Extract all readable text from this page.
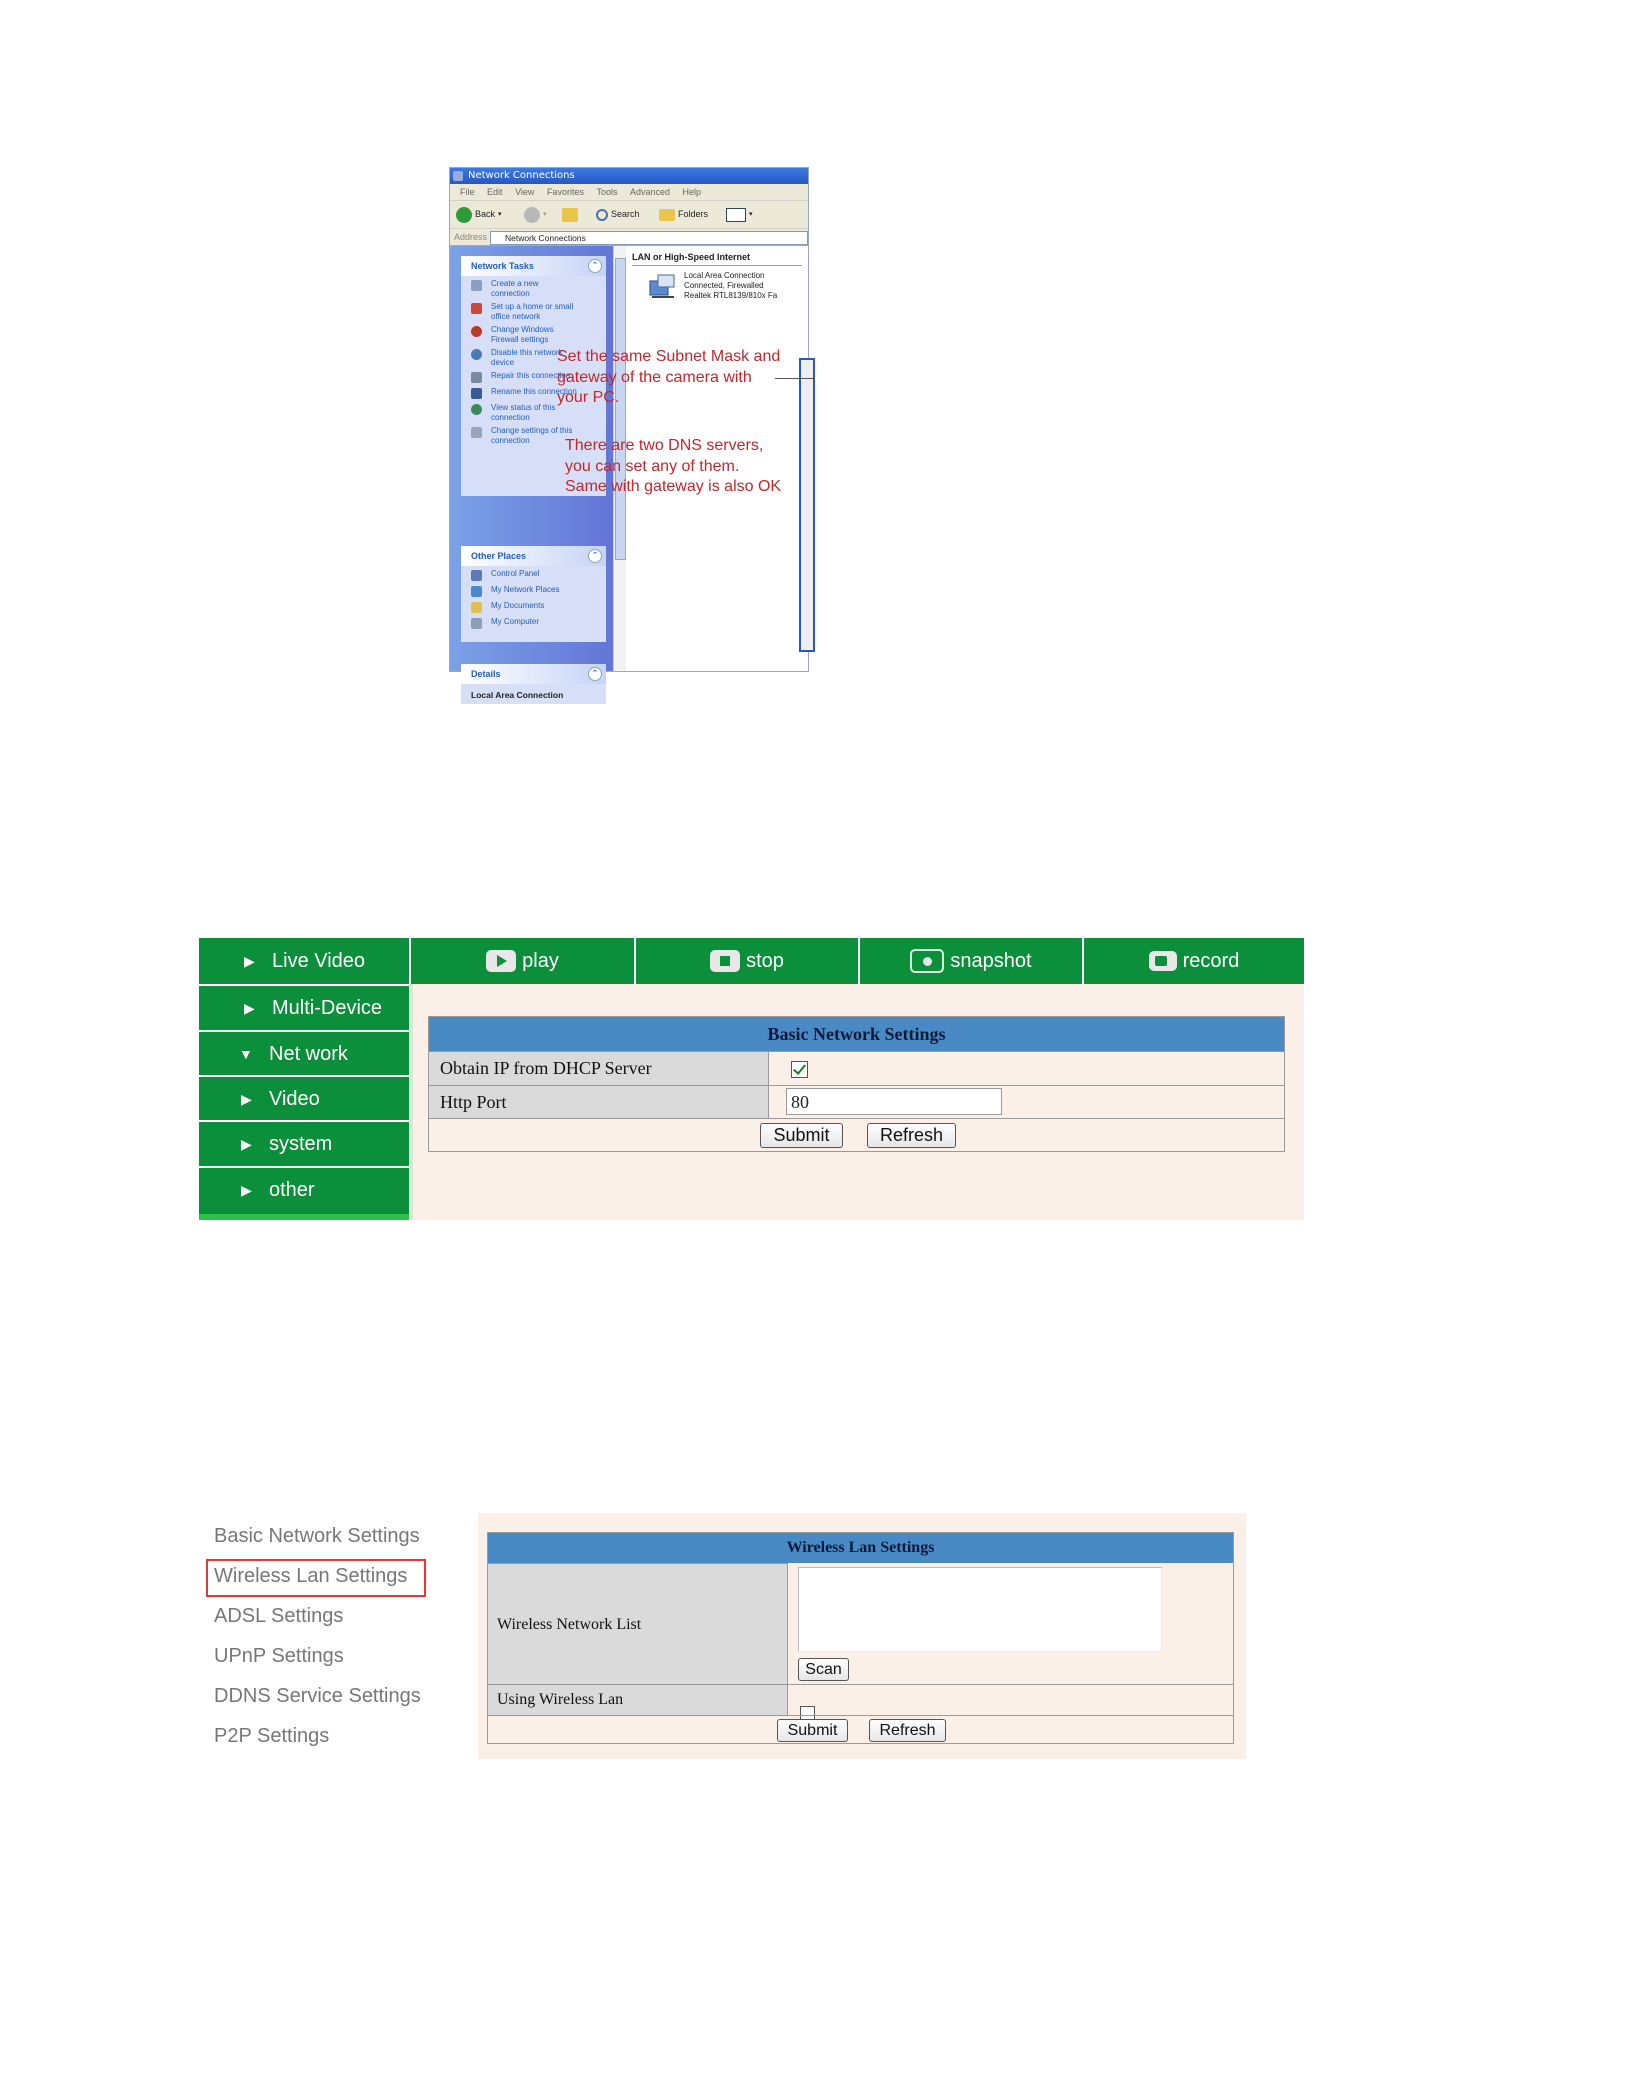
Network Connections
File Edit View Favorites Tools Advanced Help
Back ▾	▾	Search	Folders	▾
Address	Network Connections
Network Tasks	⌃
Create a new
connection
Set up a home or small
office network
Change Windows
Firewall settings
Disable this network
device
Repair this connection
Rename this connection
View status of this
connection
Change settings of this
connection
Other Places	⌃
Control Panel
My Network Places
My Documents
My Computer
Details	⌃
Local Area Connection
LAN or High-Speed Internet
Local Area Connection
Connected, Firewalled
Realtek RTL8139/810x Fa
Set the same Subnet Mask and
gateway of the camera with
your PC.
There are two DNS servers,
you can set any of them.
Same with gateway is also OK
▶ Live Video	play	stop	snapshot	record
▶ Multi-Device
▼ Net work
▶ Video
▶ system
▶ other
Basic Network Settings
Obtain IP from DHCP Server
Http Port	80
Submit	Refresh
Basic Network Settings
Wireless Lan Settings
ADSL Settings
UPnP Settings
DDNS Service Settings
P2P Settings
Wireless Lan Settings
Wireless Network List
Scan
Using Wireless Lan
Submit	Refresh
